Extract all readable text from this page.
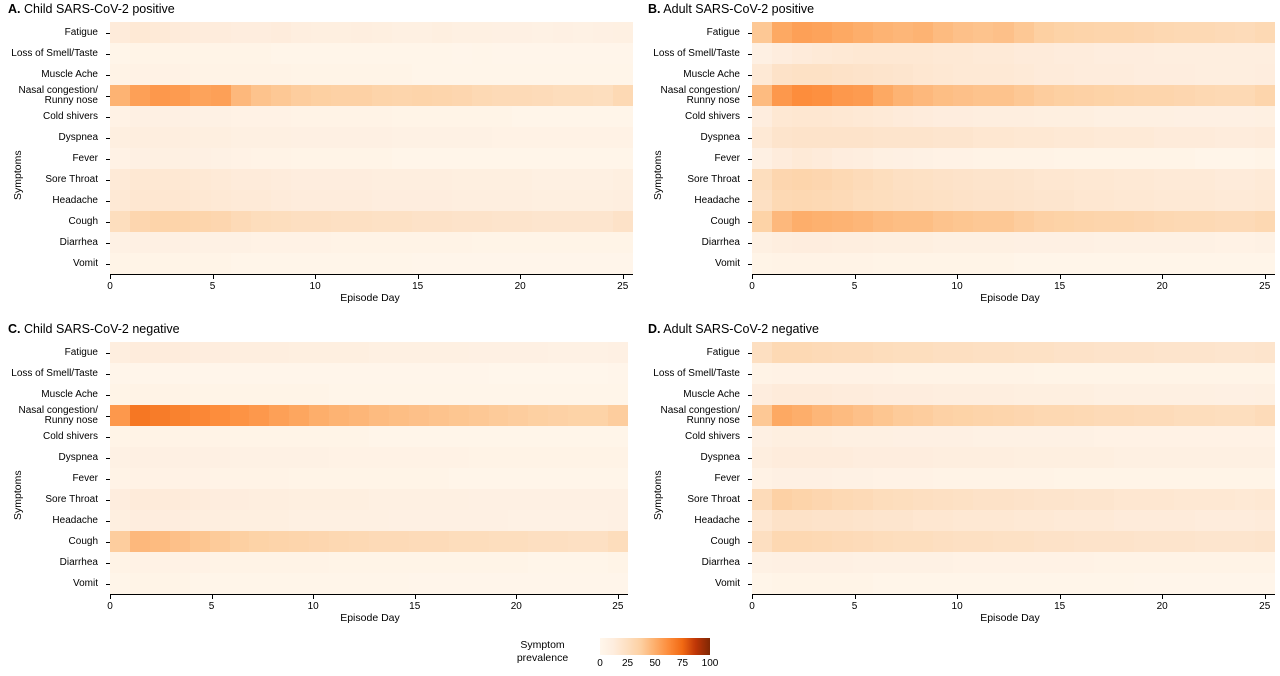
A. Child SARS-CoV-2 positive
Symptoms
Episode Day
Fatigue
Loss of Smell/Taste
Muscle Ache
Nasal congestion/
Runny nose
Cold shivers
Dyspnea
Fever
Sore Throat
Headache
Cough
Diarrhea
Vomit
0	5	10	15	20	25
B. Adult SARS-CoV-2 positive
Symptoms
Episode Day
Fatigue
Loss of Smell/Taste
Muscle Ache
Nasal congestion/
Runny nose
Cold shivers
Dyspnea
Fever
Sore Throat
Headache
Cough
Diarrhea
Vomit
0	5	10	15	20	25
C. Child SARS-CoV-2 negative
Symptoms
Episode Day
Fatigue
Loss of Smell/Taste
Muscle Ache
Nasal congestion/
Runny nose
Cold shivers
Dyspnea
Fever
Sore Throat
Headache
Cough
Diarrhea
Vomit
0	5	10	15	20	25
D. Adult SARS-CoV-2 negative
Symptoms
Episode Day
Fatigue
Loss of Smell/Taste
Muscle Ache
Nasal congestion/
Runny nose
Cold shivers
Dyspnea
Fever
Sore Throat
Headache
Cough
Diarrhea
Vomit
0	5	10	15	20	25
Symptom
prevalence	0	25	50	75	100
